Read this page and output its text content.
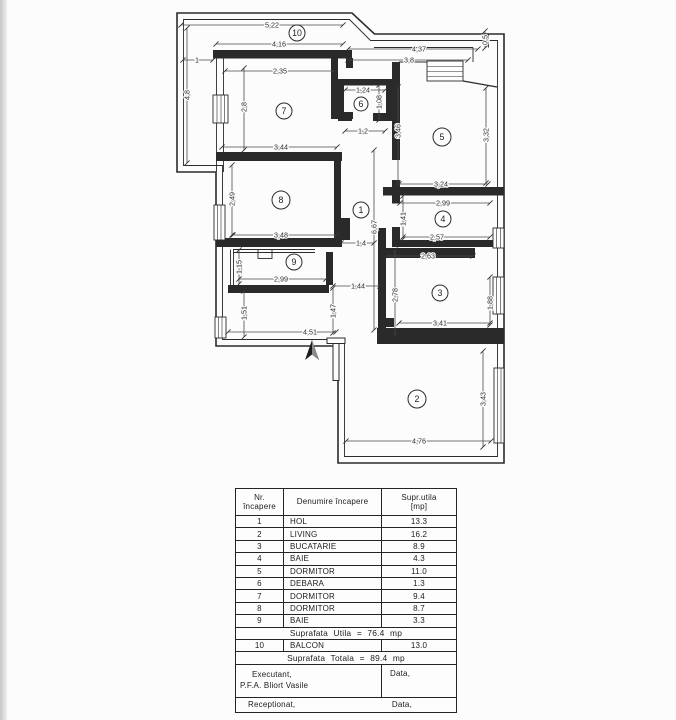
5,22
4,16
1
4,8
2,35
2,8
3,44
4,37
3,8
0,5
1,24
1,08
1,2	3,46	3,32
3,24
2,49
3,48
6,67
1,4
2,99
1,41
2,57
2,63
2,78
3,41
1,88
1,15
2,99
1,51
4,51
1,47
1,44
3,43
4,76
10
7
6
5
8
1
4
9
3
2
Nr.
încapere
Denumire încapere
Supr.utila
[mp]
1	HOL	13.3
2	LIVING	16.2
3	BUCATARIE	8.9
4	BAIE	4.3
5	DORMITOR	11.0
6	DEBARA	1.3
7	DORMITOR	9.4
8	DORMITOR	8.7
9	BAIE	3.3
Suprafata Utila = 76.4 mp
10	BALCON	13.0
Suprafata Totala = 89.4 mp
Executant,
P.F.A. Bliort Vasile
Data,
Receptionat,	Data,
